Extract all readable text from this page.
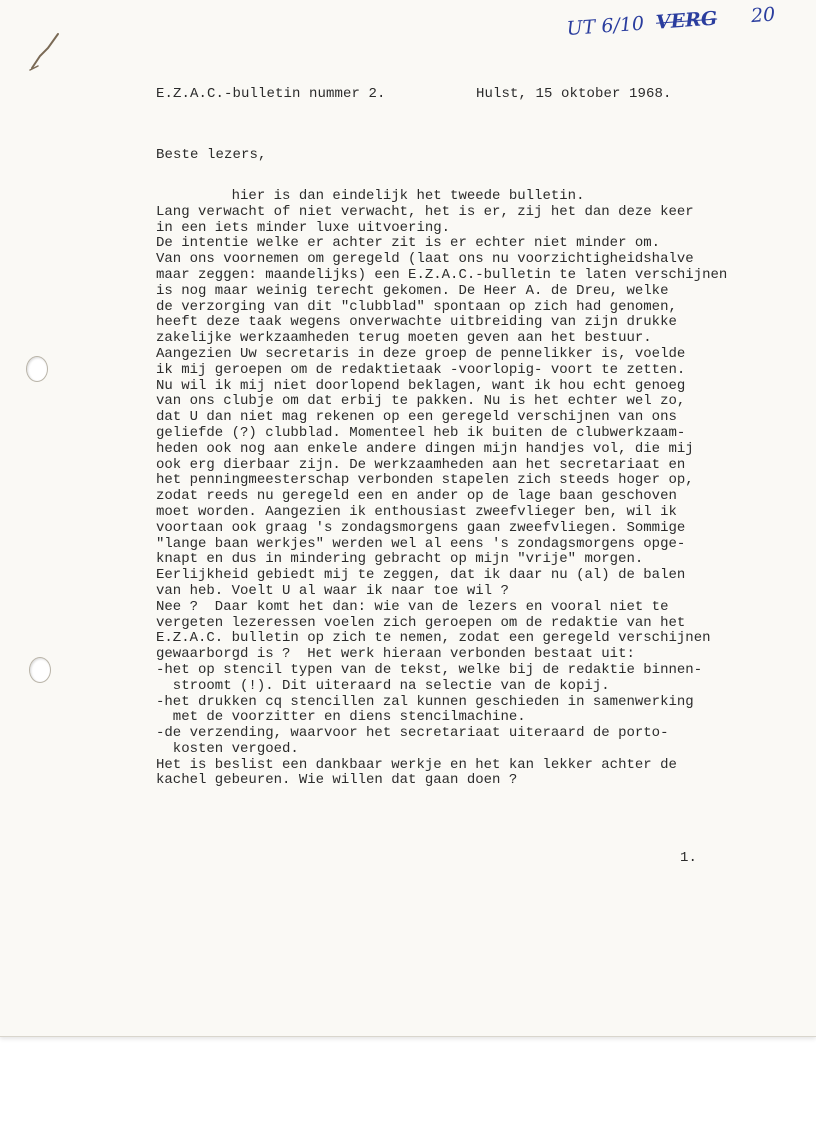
UT 6/10 VERG 20
E.Z.A.C.-bulletin nummer 2.	Hulst, 15 oktober 1968.
Beste lezers,
hier is dan eindelijk het tweede bulletin.
Lang verwacht of niet verwacht, het is er, zij het dan deze keer
in een iets minder luxe uitvoering.
De intentie welke er achter zit is er echter niet minder om.
Van ons voornemen om geregeld (laat ons nu voorzichtigheidshalve
maar zeggen: maandelijks) een E.Z.A.C.-bulletin te laten verschijnen
is nog maar weinig terecht gekomen. De Heer A. de Dreu, welke
de verzorging van dit "clubblad" spontaan op zich had genomen,
heeft deze taak wegens onverwachte uitbreiding van zijn drukke
zakelijke werkzaamheden terug moeten geven aan het bestuur.
Aangezien Uw secretaris in deze groep de pennelikker is, voelde
ik mij geroepen om de redaktietaak -voorlopig- voort te zetten.
Nu wil ik mij niet doorlopend beklagen, want ik hou echt genoeg
van ons clubje om dat erbij te pakken. Nu is het echter wel zo,
dat U dan niet mag rekenen op een geregeld verschijnen van ons
geliefde (?) clubblad. Momenteel heb ik buiten de clubwerkzaam-
heden ook nog aan enkele andere dingen mijn handjes vol, die mij
ook erg dierbaar zijn. De werkzaamheden aan het secretariaat en
het penningmeesterschap verbonden stapelen zich steeds hoger op,
zodat reeds nu geregeld een en ander op de lage baan geschoven
moet worden. Aangezien ik enthousiast zweefvlieger ben, wil ik
voortaan ook graag 's zondagsmorgens gaan zweefvliegen. Sommige
"lange baan werkjes" werden wel al eens 's zondagsmorgens opge-
knapt en dus in mindering gebracht op mijn "vrije" morgen.
Eerlijkheid gebiedt mij te zeggen, dat ik daar nu (al) de balen
van heb. Voelt U al waar ik naar toe wil ?
Nee ?  Daar komt het dan: wie van de lezers en vooral niet te
vergeten lezeressen voelen zich geroepen om de redaktie van het
E.Z.A.C. bulletin op zich te nemen, zodat een geregeld verschijnen
gewaarborgd is ?  Het werk hieraan verbonden bestaat uit:
-het op stencil typen van de tekst, welke bij de redaktie binnen-
stroomt (!). Dit uiteraard na selectie van de kopij.
-het drukken cq stencillen zal kunnen geschieden in samenwerking
met de voorzitter en diens stencilmachine.
-de verzending, waarvoor het secretariaat uiteraard de porto-
kosten vergoed.
Het is beslist een dankbaar werkje en het kan lekker achter de
kachel gebeuren. Wie willen dat gaan doen ?
1.
